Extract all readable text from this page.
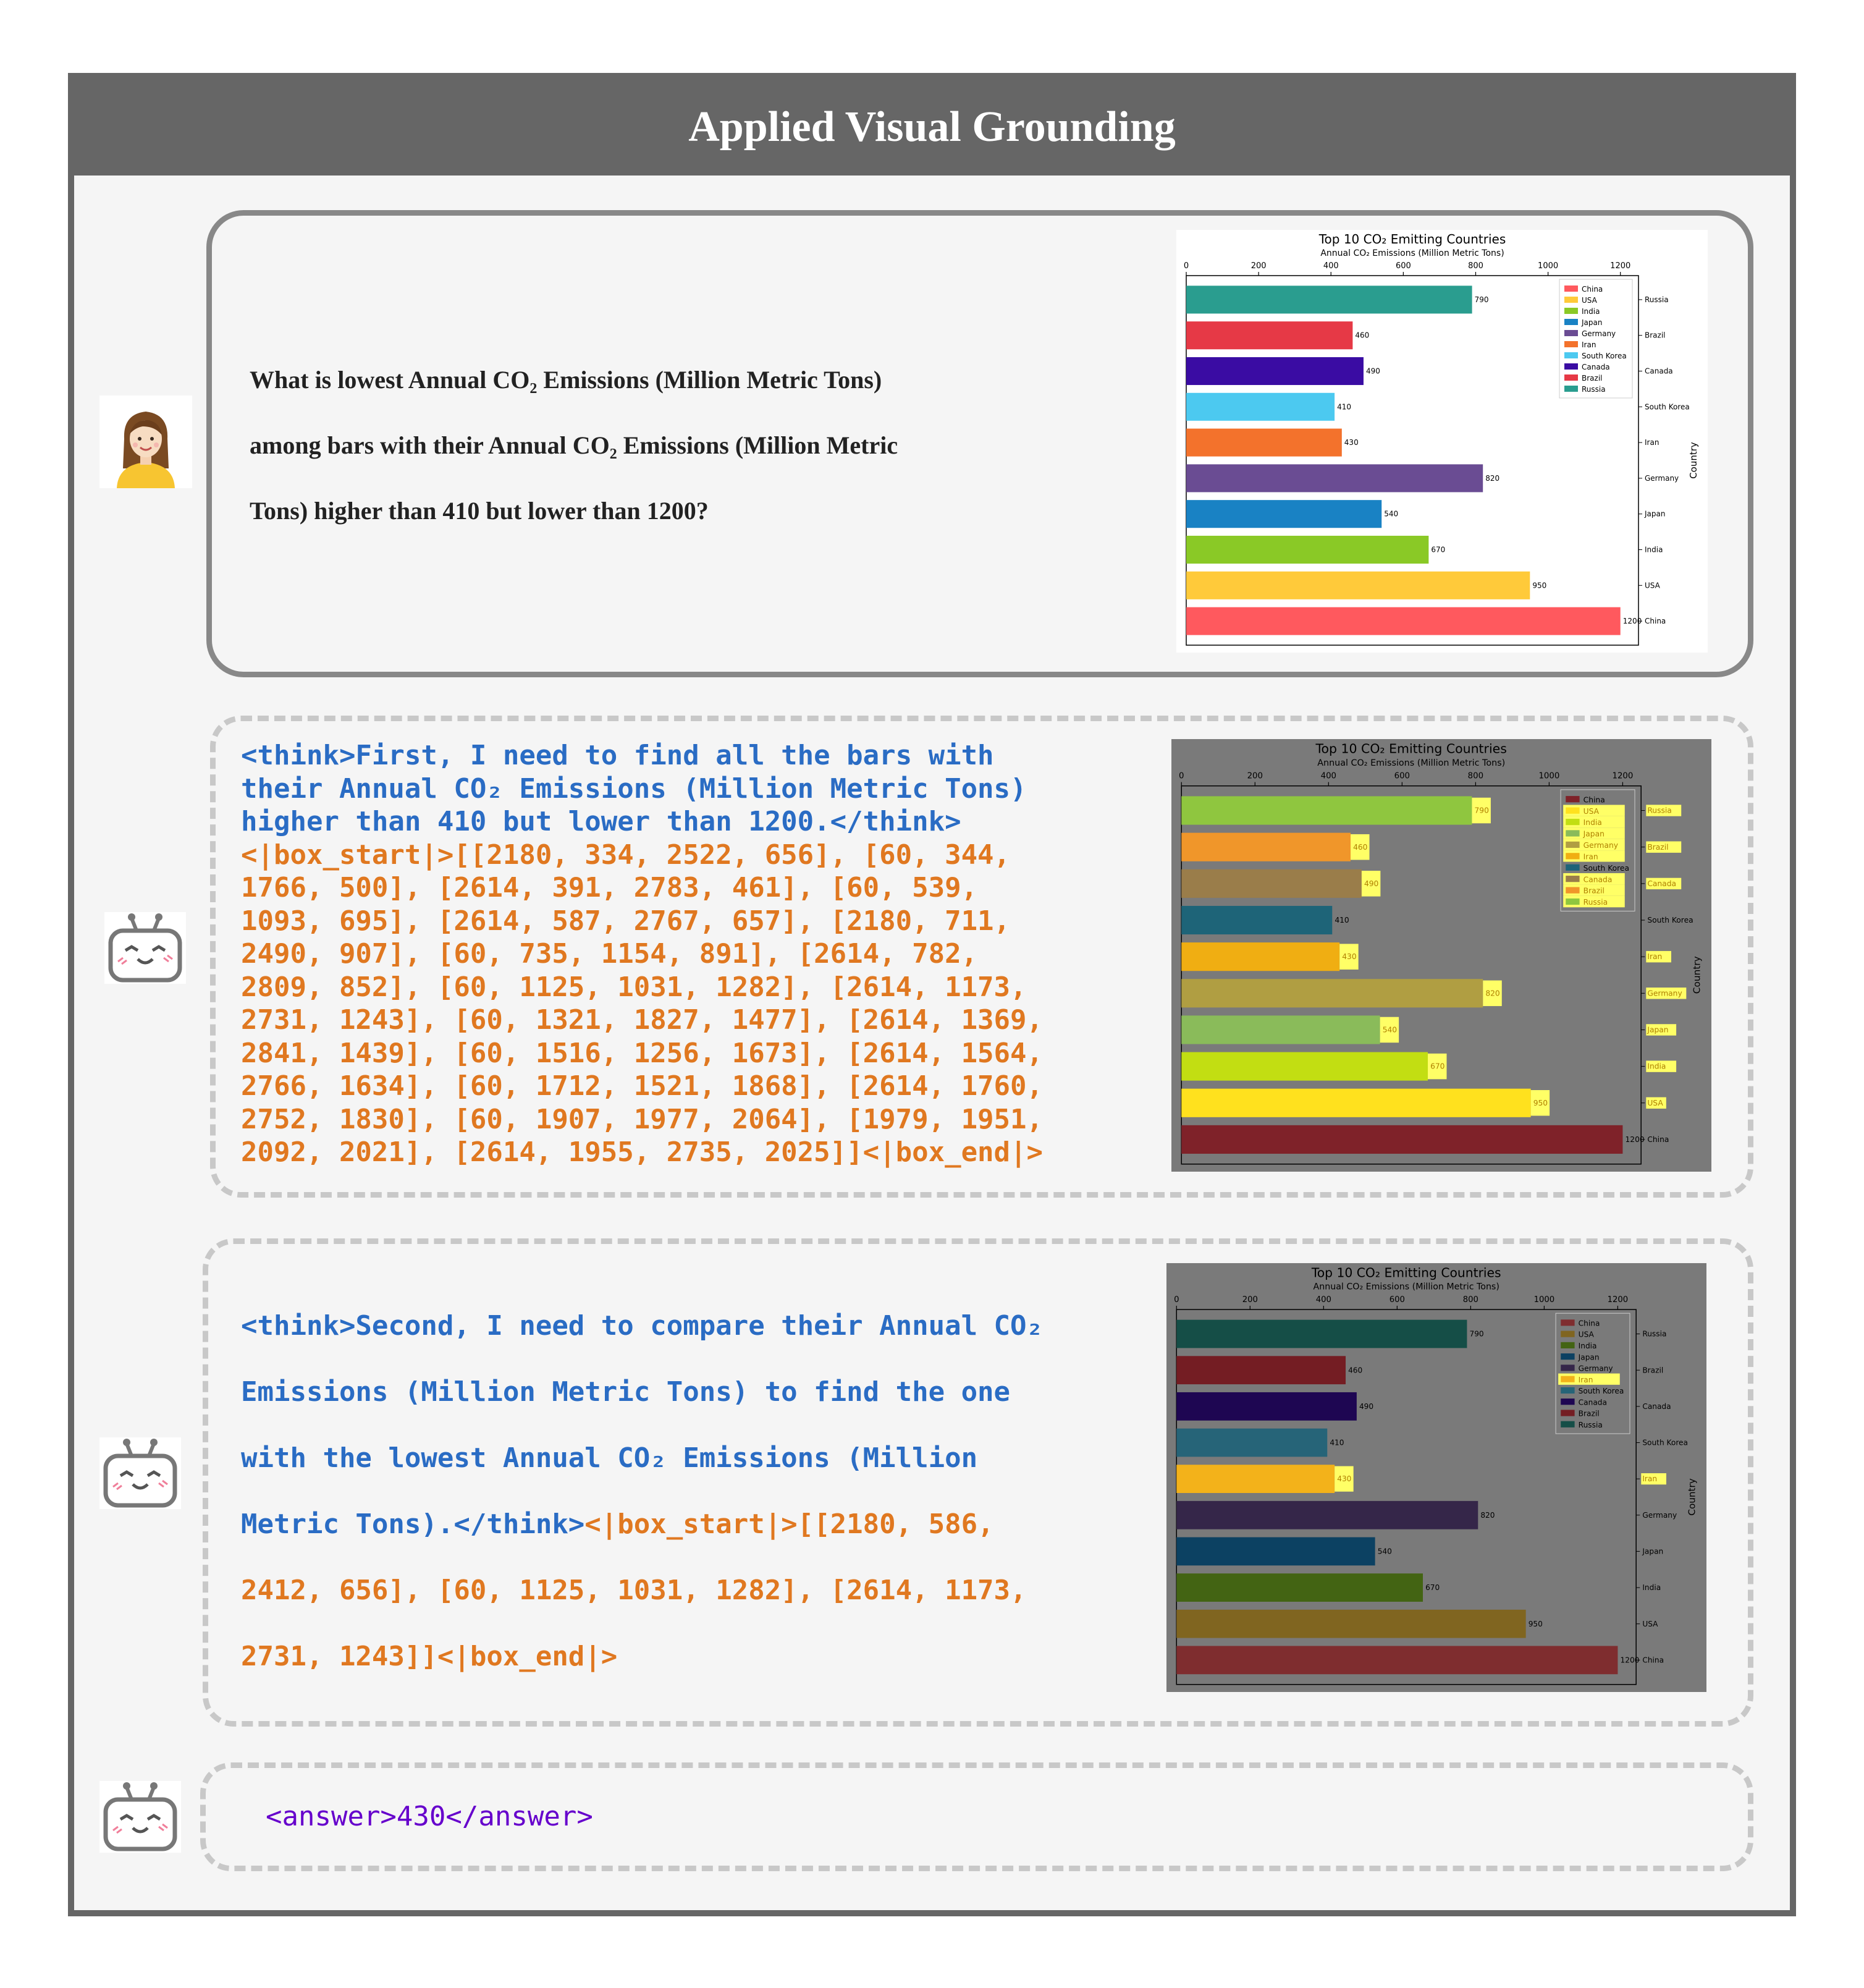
Applied Visual Grounding
What is lowest Annual CO₂ Emissions (Million Metric Tons)
among bars with their Annual CO₂ Emissions (Million Metric
Tons) higher than 410 but lower than 1200?
Top 10 CO₂ Emitting Countries
Annual CO₂ Emissions (Million Metric Tons)
0	200	400	600	800	1000	1200
Country
790	Russia
460	Brazil
490	Canada
410	South Korea
430	Iran
820	Germany
540	Japan
670	India
950	USA
1200 China
China
USA
India
Japan
Germany
Iran
South Korea
Canada
Brazil
Russia
<think>First, I need to find all the bars with
their Annual CO₂ Emissions (Million Metric Tons)
higher than 410 but lower than 1200.</think>
<|box_start|>[[2180, 334, 2522, 656], [60, 344,
1766, 500], [2614, 391, 2783, 461], [60, 539,
1093, 695], [2614, 587, 2767, 657], [2180, 711,
2490, 907], [60, 735, 1154, 891], [2614, 782,
2809, 852], [60, 1125, 1031, 1282], [2614, 1173,
2731, 1243], [60, 1321, 1827, 1477], [2614, 1369,
2841, 1439], [60, 1516, 1256, 1673], [2614, 1564,
2766, 1634], [60, 1712, 1521, 1868], [2614, 1760,
2752, 1830], [60, 1907, 1977, 2064], [1979, 1951,
2092, 2021], [2614, 1955, 2735, 2025]]<|box_end|>
Top 10 CO₂ Emitting Countries
Annual CO₂ Emissions (Million Metric Tons)
0	200	400	600	800	1000	1200
Country
790	Russia
460	Brazil
490	Canada
410	South Korea
430	Iran
820	Germany
540	Japan
670	India
950	USA
1200 China
China
USA
India
Japan
Germany
Iran
South Korea
Canada
Brazil
Russia
<think>Second, I need to compare their Annual CO₂
Emissions (Million Metric Tons) to find the one
with the lowest Annual CO₂ Emissions (Million
Metric Tons).</think><|box_start|>[[2180, 586,
2412, 656], [60, 1125, 1031, 1282], [2614, 1173,
2731, 1243]]<|box_end|>
Top 10 CO₂ Emitting Countries
Annual CO₂ Emissions (Million Metric Tons)
0	200	400	600	800	1000	1200
Country
790	Russia
460	Brazil
490	Canada
410	South Korea
430	Iran
820	Germany
540	Japan
670	India
950	USA
1200 China
China
USA
India
Japan
Germany
Iran
South Korea
Canada
Brazil
Russia
<answer>430</answer>
